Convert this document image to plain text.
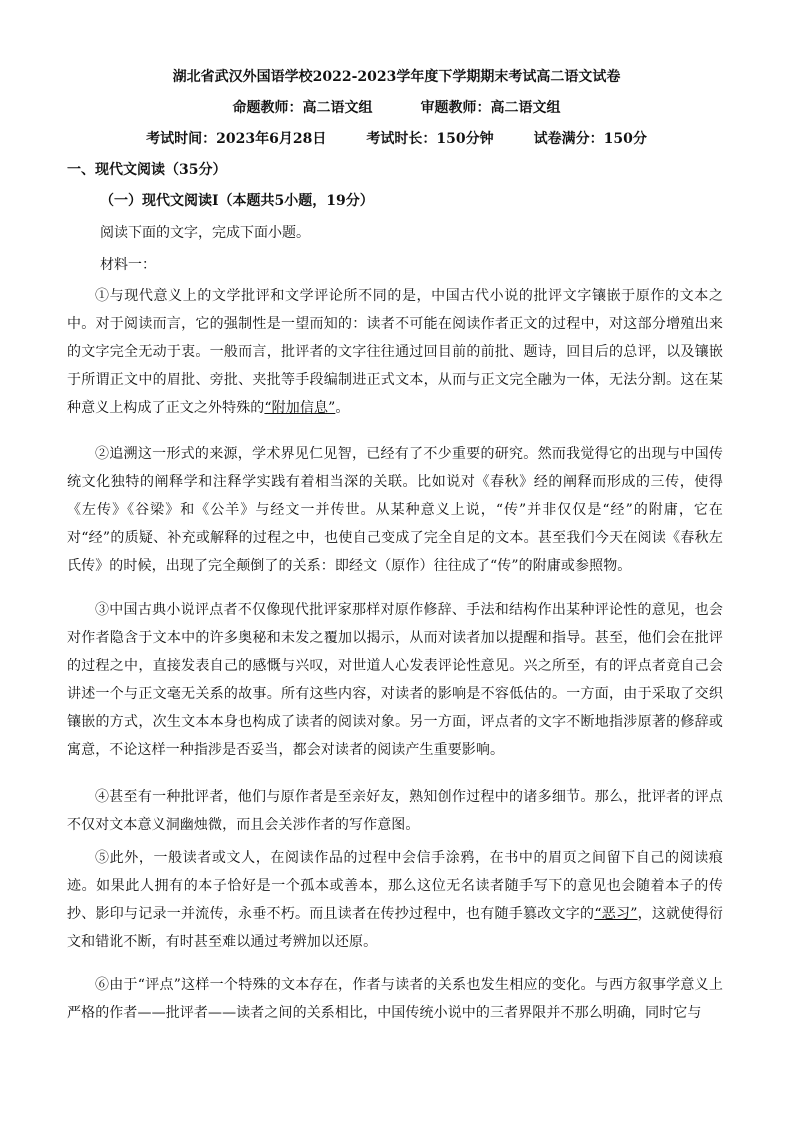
湖北省武汉外国语学校2022-2023学年度下学期期末考试高二语文试卷
命题教师：高二语文组	审题教师：高二语文组
考试时间：2023年6月28日	考试时长：150分钟	试卷满分：150分
一、现代文阅读（35分）
（一）现代文阅读Ⅰ（本题共5小题，19分）
阅读下面的文字，完成下面小题。
材料一：
①与现代意义上的文学批评和文学评论所不同的是，中国古代小说的批评文字镶嵌于原作的文本之中。对于阅读而言，它的强制性是一望而知的：读者不可能在阅读作者正文的过程中，对这部分增殖出来的文字完全无动于衷。一般而言，批评者的文字往往通过回目前的前批、题诗，回目后的总评，以及镶嵌于所谓正文中的眉批、旁批、夹批等手段编制进正式文本，从而与正文完全融为一体，无法分割。这在某种意义上构成了正文之外特殊的“附加信息”。
②追溯这一形式的来源，学术界见仁见智，已经有了不少重要的研究。然而我觉得它的出现与中国传统文化独特的阐释学和注释学实践有着相当深的关联。比如说对《春秋》经的阐释而形成的三传，使得《左传》《谷梁》和《公羊》与经文一并传世。从某种意义上说，“传”并非仅仅是“经”的附庸，它在对“经”的质疑、补充或解释的过程之中，也使自己变成了完全自足的文本。甚至我们今天在阅读《春秋左氏传》的时候，出现了完全颠倒了的关系：即经文（原作）往往成了“传”的附庸或参照物。
③中国古典小说评点者不仅像现代批评家那样对原作修辞、手法和结构作出某种评论性的意见，也会对作者隐含于文本中的许多奥秘和未发之覆加以揭示，从而对读者加以提醒和指导。甚至，他们会在批评的过程之中，直接发表自己的感慨与兴叹，对世道人心发表评论性意见。兴之所至，有的评点者竟自己会讲述一个与正文毫无关系的故事。所有这些内容，对读者的影响是不容低估的。一方面，由于采取了交织镶嵌的方式，次生文本本身也构成了读者的阅读对象。另一方面，评点者的文字不断地指涉原著的修辞或寓意，不论这样一种指涉是否妥当，都会对读者的阅读产生重要影响。
④甚至有一种批评者，他们与原作者是至亲好友，熟知创作过程中的诸多细节。那么，批评者的评点不仅对文本意义洞幽烛微，而且会关涉作者的写作意图。
⑤此外，一般读者或文人，在阅读作品的过程中会信手涂鸦，在书中的眉页之间留下自己的阅读痕迹。如果此人拥有的本子恰好是一个孤本或善本，那么这位无名读者随手写下的意见也会随着本子的传抄、影印与记录一并流传，永垂不朽。而且读者在传抄过程中，也有随手篡改文字的“恶习”，这就使得衍文和错讹不断，有时甚至难以通过考辨加以还原。
⑥由于“评点”这样一个特殊的文本存在，作者与读者的关系也发生相应的变化。与西方叙事学意义上严格的作者——批评者——读者之间的关系相比，中国传统小说中的三者界限并不那么明确，同时它与
